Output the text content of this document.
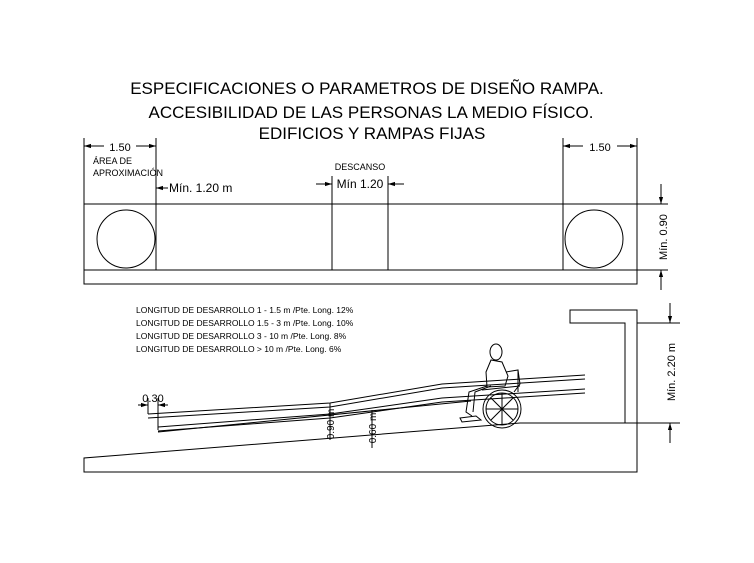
ESPECIFICACIONES O PARAMETROS DE DISEÑO RAMPA.
ACCESIBILIDAD DE LAS PERSONAS LA MEDIO FÍSICO.
EDIFICIOS Y RAMPAS FIJAS
1.50
ÁREA DE
APROXIMACIÓN
Mín. 1.20 m
DESCANSO
Mín 1.20
1.50
Mín. 0.90
LONGITUD DE DESARROLLO 1 - 1.5 m /Pte. Long. 12%
LONGITUD DE DESARROLLO 1.5 - 3 m /Pte. Long. 10%
LONGITUD DE DESARROLLO 3 - 10 m /Pte. Long. 8%
LONGITUD DE DESARROLLO > 10 m /Pte. Long. 6%
0.30
0.90 m	0.60 m
Mín. 2.20 m
